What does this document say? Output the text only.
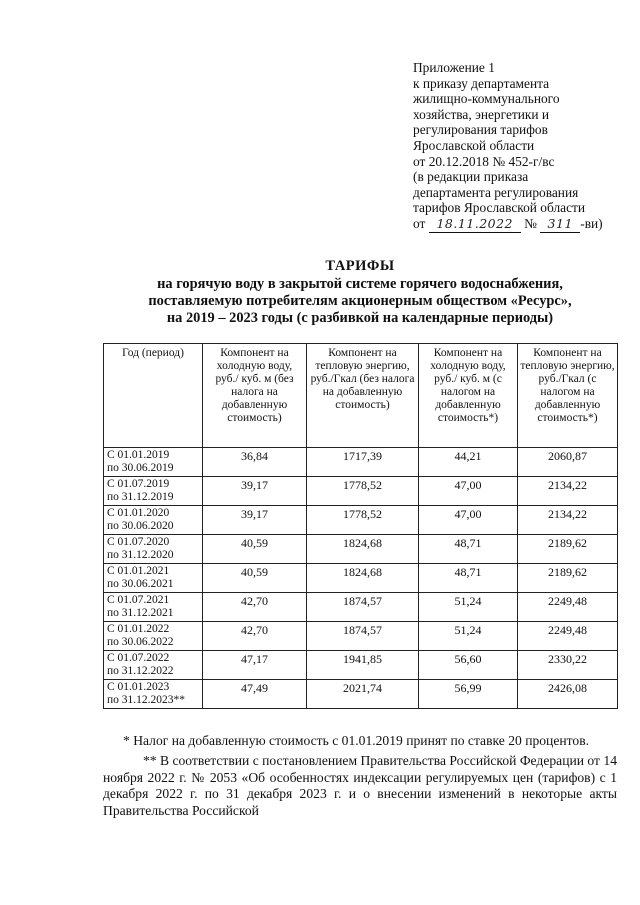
Приложение 1
к приказу департамента
жилищно-коммунального
хозяйства, энергетики и
регулирования тарифов
Ярославской области
от 20.12.2018 № 452-г/вс
(в редакции приказа
департамента регулирования
тарифов Ярославской области
от 18.11.2022 № 311 -ви)
ТАРИФЫ
на горячую воду в закрытой системе горячего водоснабжения,
поставляемую потребителям акционерным обществом «Ресурс»,
на 2019 – 2023 годы (с разбивкой на календарные периоды)
Год (период)	Компонент на холодную воду, руб./ куб. м (без налога на добавленную стоимость)	Компонент на тепловую энергию, руб./Гкал (без налога на добавленную стоимость)	Компонент на холодную воду, руб./ куб. м (с налогом на добавленную стоимость*)	Компонент на тепловую энергию, руб./Гкал (с налогом на добавленную стоимость*)

С 01.01.2019
по 30.06.2019	36,84	1717,39	44,21	2060,87

С 01.07.2019
по 31.12.2019	39,17	1778,52	47,00	2134,22

С 01.01.2020
по 30.06.2020	39,17	1778,52	47,00	2134,22

С 01.07.2020
по 31.12.2020	40,59	1824,68	48,71	2189,62

С 01.01.2021
по 30.06.2021	40,59	1824,68	48,71	2189,62

С 01.07.2021
по 31.12.2021	42,70	1874,57	51,24	2249,48

С 01.01.2022
по 30.06.2022	42,70	1874,57	51,24	2249,48

С 01.07.2022
по 31.12.2022	47,17	1941,85	56,60	2330,22

С 01.01.2023
по 31.12.2023**	47,49	2021,74	56,99	2426,08

* Налог на добавленную стоимость с 01.01.2019 принят по ставке 20 процентов.

** В соответствии с постановлением Правительства Российской Федерации от 14 ноября 2022 г. № 2053 «Об особенностях индексации регулируемых цен (тарифов) с 1 декабря 2022 г. по 31 декабря 2023 г. и о внесении изменений в некоторые акты Правительства Российской
